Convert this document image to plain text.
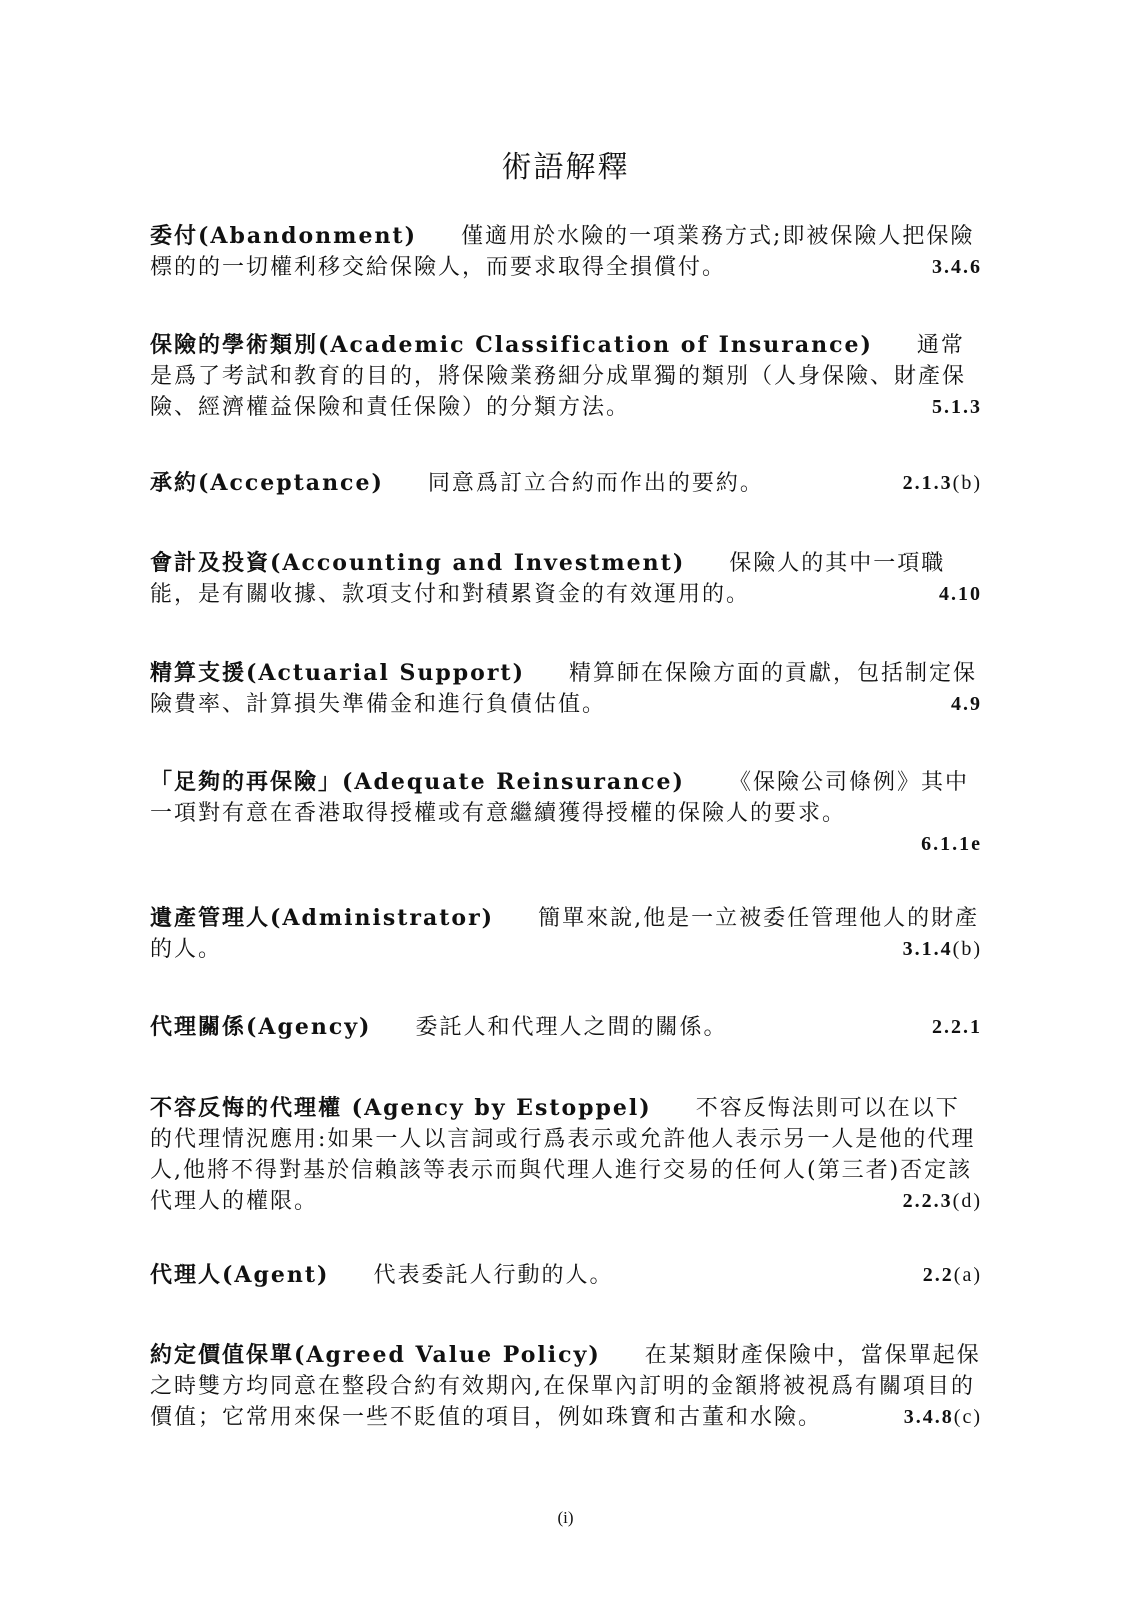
術語解釋
委付(Abandonment) 僅適用於水險的一項業務方式;即被保險人把保險標的的一切權利移交給保險人，而要求取得全損償付。	3.4.6
保險的學術類別(Academic Classification of Insurance) 通常是爲了考試和教育的目的，將保險業務細分成單獨的類別（人身保險、財產保險、經濟權益保險和責任保險）的分類方法。	5.1.3
承約(Acceptance) 同意爲訂立合約而作出的要約。	2.1.3(b)
會計及投資(Accounting and Investment) 保險人的其中一項職能，是有關收據、款項支付和對積累資金的有效運用的。	4.10
精算支援(Actuarial Support) 精算師在保險方面的貢獻，包括制定保險費率、計算損失準備金和進行負債估值。	4.9
「足夠的再保險」(Adequate Reinsurance) 《保險公司條例》其中一項對有意在香港取得授權或有意繼續獲得授權的保險人的要求。
6.1.1e
遺產管理人(Administrator) 簡單來說,他是一立被委任管理他人的財產的人。	3.1.4(b)
代理關係(Agency) 委託人和代理人之間的關係。	2.2.1
不容反悔的代理權 (Agency by Estoppel) 不容反悔法則可以在以下的代理情況應用:如果一人以言詞或行爲表示或允許他人表示另一人是他的代理人,他將不得對基於信賴該等表示而與代理人進行交易的任何人(第三者)否定該代理人的權限。	2.2.3(d)
代理人(Agent) 代表委託人行動的人。	2.2(a)
約定價值保單(Agreed Value Policy) 在某類財產保險中，當保單起保之時雙方均同意在整段合約有效期內,在保單內訂明的金額將被視爲有關項目的價值；它常用來保一些不貶值的項目，例如珠寶和古董和水險。	3.4.8(c)
(i)
